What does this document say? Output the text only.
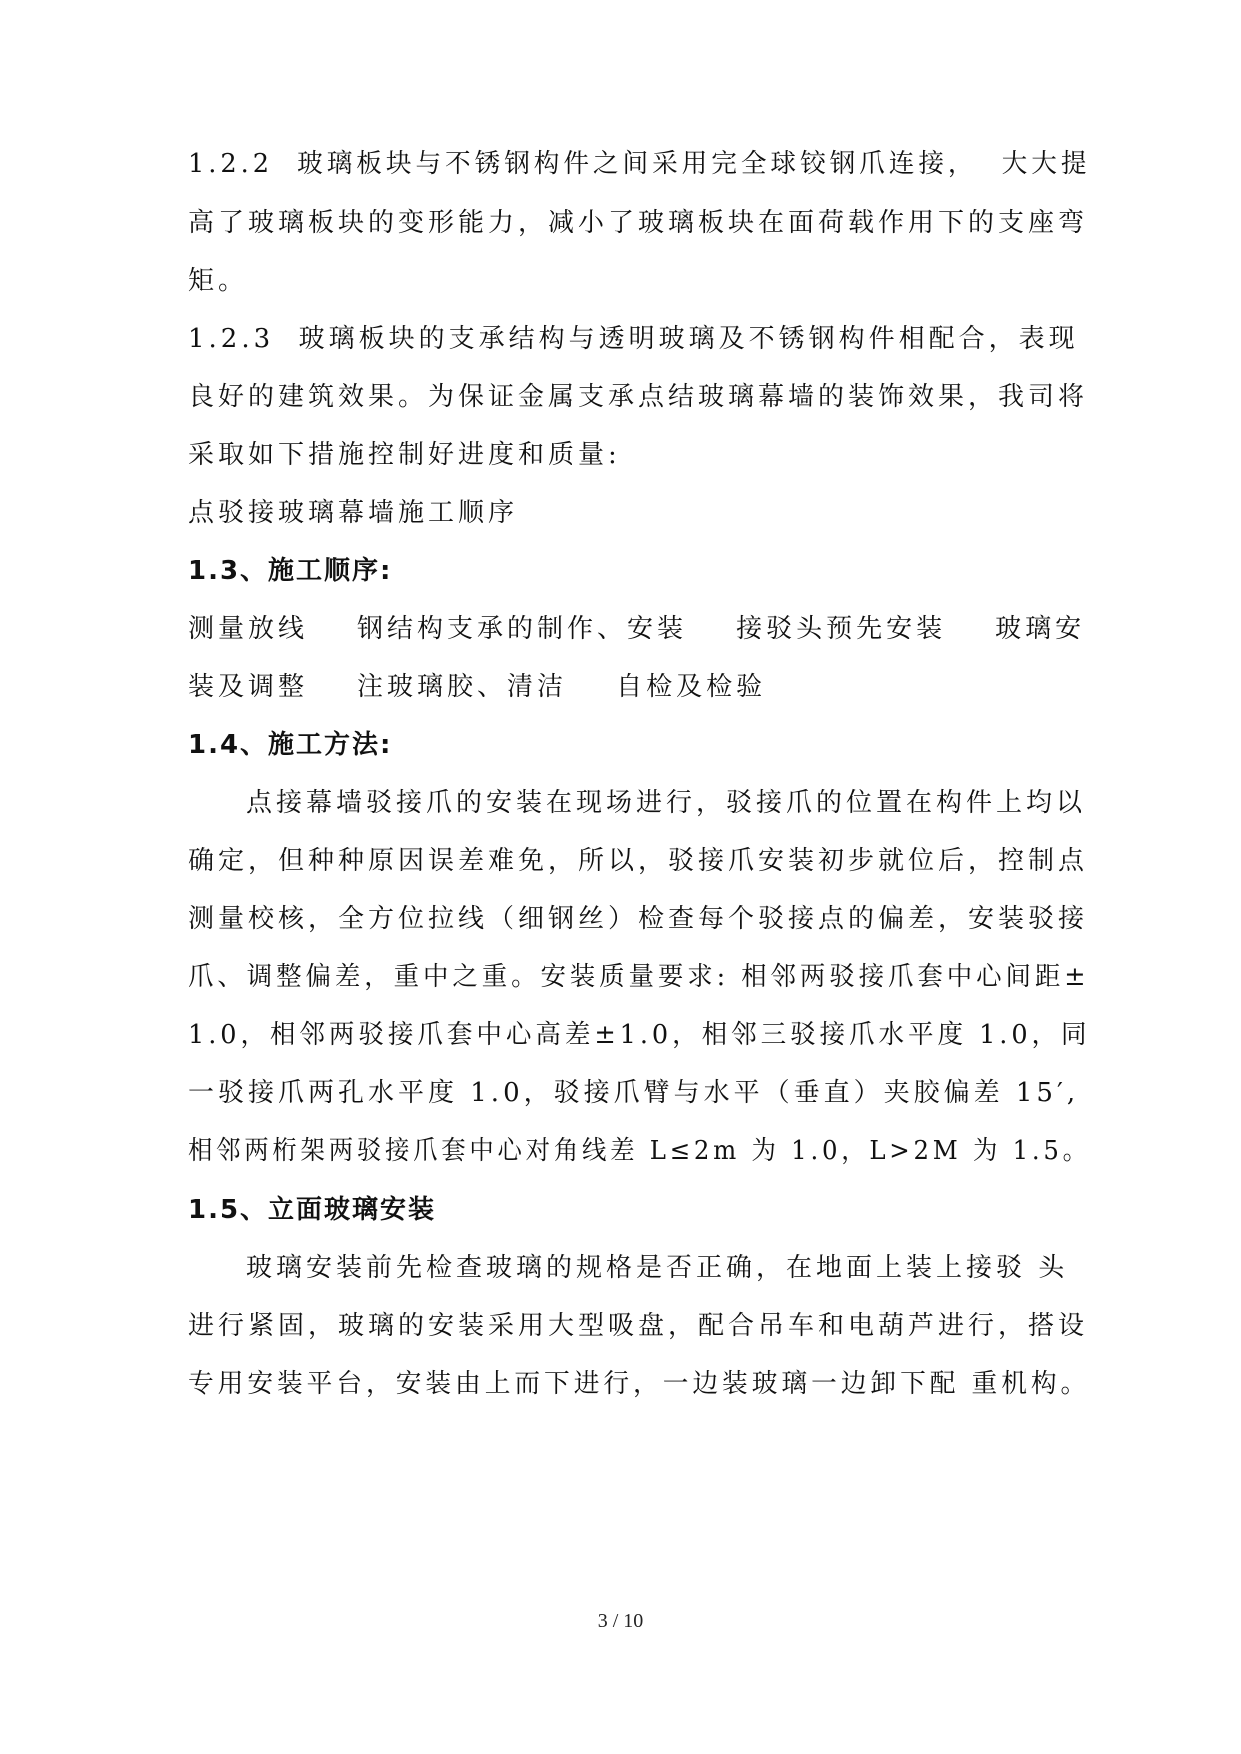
1.2.2  玻璃板块与不锈钢构件之间采用完全球铰钢爪连接，  大大提
高了玻璃板块的变形能力，减小了玻璃板块在面荷载作用下的支座弯
矩。
1.2.3  玻璃板块的支承结构与透明玻璃及不锈钢构件相配合，表现
良好的建筑效果。为保证金属支承点结玻璃幕墙的装饰效果，我司将
采取如下措施控制好进度和质量:
点驳接玻璃幕墙施工顺序
1.3、施工顺序:
测量放线    钢结构支承的制作、安装    接驳头预先安装    玻璃安
装及调整    注玻璃胶、清洁    自检及检验
1.4、施工方法:
点接幕墙驳接爪的安装在现场进行，驳接爪的位置在构件上均以
确定，但种种原因误差难免，所以，驳接爪安装初步就位后，控制点
测量校核，全方位拉线（细钢丝）检查每个驳接点的偏差，安装驳接
爪、调整偏差，重中之重。安装质量要求: 相邻两驳接爪套中心间距±
1.0，相邻两驳接爪套中心高差±1.0，相邻三驳接爪水平度 1.0，同
一驳接爪两孔水平度 1.0，驳接爪臂与水平（垂直）夹胶偏差 15′,
相邻两桁架两驳接爪套中心对角线差 L≤2m 为 1.0，L>2M 为 1.5。
1.5、立面玻璃安装
玻璃安装前先检查玻璃的规格是否正确，在地面上装上接驳 头
进行紧固，玻璃的安装采用大型吸盘，配合吊车和电葫芦进行，搭设
专用安装平台，安装由上而下进行，一边装玻璃一边卸下配 重机构。
3 / 10
